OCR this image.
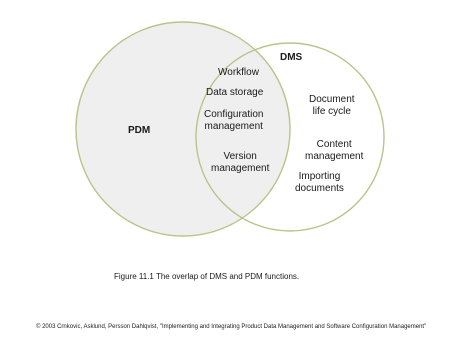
PDM
DMS
Workflow
Data storage
Configuration
management
Version
management
Document
life cycle
Content
management
Importing
documents
Figure 11.1 The overlap of DMS and PDM functions.
© 2003 Crnkovic, Asklund, Persson Dahlqvist, "Implementing and Integrating Product Data Management and Software Configuration Management"
